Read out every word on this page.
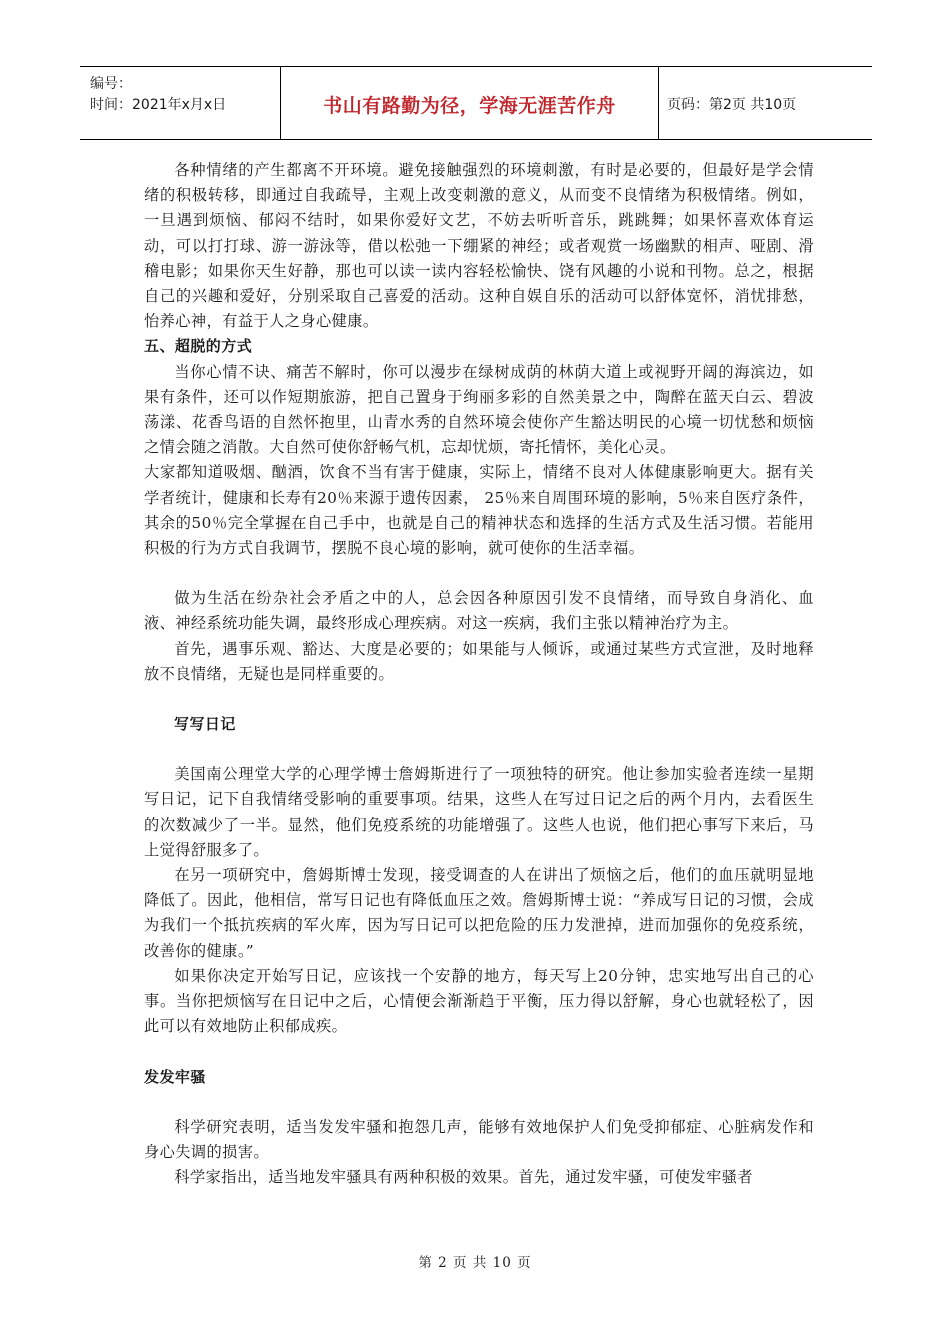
编号：
时间：2021年x月x日	书山有路勤为径，学海无涯苦作舟	页码：第2页 共10页

各种情绪的产生都离不开环境。避免接触强烈的环境刺激，有时是必要的，但最好是学会情绪的积极转移，即通过自我疏导，主观上改变刺激的意义，从而变不良情绪为积极情绪。例如，一旦遇到烦恼、郁闷不结时，如果你爱好文艺，不妨去听听音乐，跳跳舞；如果怀喜欢体育运动，可以打打球、游一游泳等，借以松弛一下绷紧的神经；或者观赏一场幽默的相声、哑剧、滑稽电影；如果你天生好静，那也可以读一读内容轻松愉快、饶有风趣的小说和刊物。总之，根据自己的兴趣和爱好，分别采取自己喜爱的活动。这种自娱自乐的活动可以舒体宽怀，消忧排愁，怡养心神，有益于人之身心健康。

五、超脱的方式

当你心情不诀、痛苦不解时，你可以漫步在绿树成荫的林荫大道上或视野开阔的海滨边，如果有条件，还可以作短期旅游，把自己置身于绚丽多彩的自然美景之中，陶醉在蓝天白云、碧波荡漾、花香鸟语的自然怀抱里，山青水秀的自然环境会使你产生豁达明民的心境一切忧愁和烦恼之情会随之消散。大自然可使你舒畅气机，忘却忧烦，寄托情怀，美化心灵。

大家都知道吸烟、酗酒，饮食不当有害于健康，实际上，情绪不良对人体健康影响更大。据有关学者统计，健康和长寿有20％来源于遗传因素， 25％来自周围环境的影响，5％来自医疗条件，其余的50％完全掌握在自己手中，也就是自己的精神状态和选择的生活方式及生活习惯。若能用积极的行为方式自我调节，摆脱不良心境的影响，就可使你的生活幸福。

做为生活在纷杂社会矛盾之中的人，总会因各种原因引发不良情绪，而导致自身消化、血液、神经系统功能失调，最终形成心理疾病。对这一疾病，我们主张以精神治疗为主。

首先，遇事乐观、豁达、大度是必要的；如果能与人倾诉，或通过某些方式宣泄，及时地释放不良情绪，无疑也是同样重要的。

写写日记

美国南公理堂大学的心理学博士詹姆斯进行了一项独特的研究。他让参加实验者连续一星期写日记，记下自我情绪受影响的重要事项。结果，这些人在写过日记之后的两个月内，去看医生的次数减少了一半。显然，他们免疫系统的功能增强了。这些人也说，他们把心事写下来后，马上觉得舒服多了。

在另一项研究中，詹姆斯博士发现，接受调查的人在讲出了烦恼之后，他们的血压就明显地降低了。因此，他相信，常写日记也有降低血压之效。詹姆斯博士说：“养成写日记的习惯，会成为我们一个抵抗疾病的军火库，因为写日记可以把危险的压力发泄掉，进而加强你的免疫系统，改善你的健康。”

如果你决定开始写日记，应该找一个安静的地方，每天写上20分钟，忠实地写出自己的心事。当你把烦恼写在日记中之后，心情便会渐渐趋于平衡，压力得以舒解，身心也就轻松了，因此可以有效地防止积郁成疾。

发发牢骚

科学研究表明，适当发发牢骚和抱怨几声，能够有效地保护人们免受抑郁症、心脏病发作和身心失调的损害。

科学家指出，适当地发牢骚具有两种积极的效果。首先，通过发牢骚，可使发牢骚者

第 2 页 共 10 页
